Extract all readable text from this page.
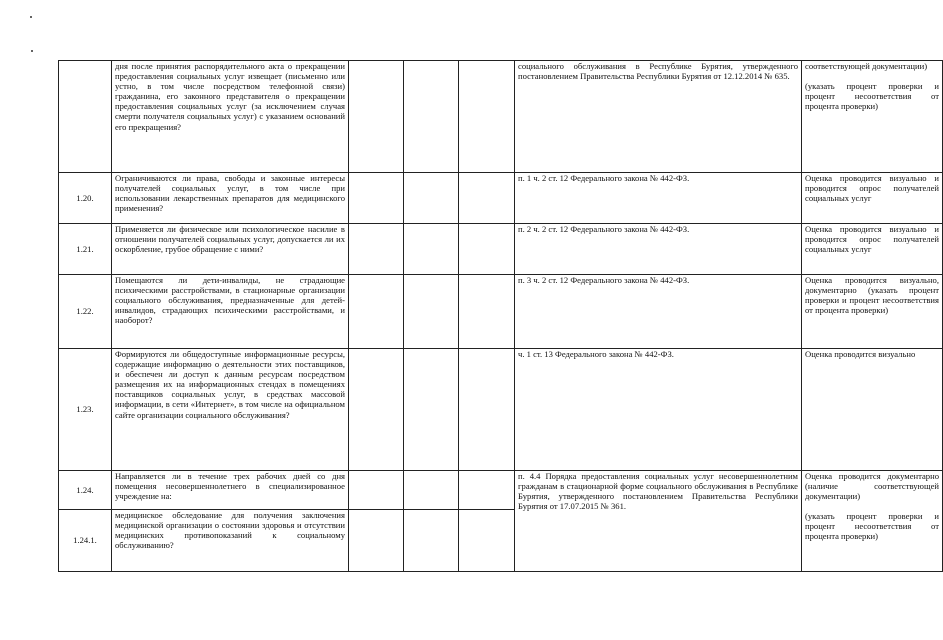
	дня после принятия распорядительного акта о прекращении предоставления социальных услуг извещает (письменно или устно, в том числе посредством телефонной связи) гражданина, его законного представителя о прекращении предоставления социальных услуг (за исключением случая смерти получателя социальных услуг) с указанием оснований его прекращения?				социального обслуживания в Республике Бурятия, утвержденного постановлением Правительства Республики Бурятия от 12.12.2014 № 635.	соответствующей документации)

(указать процент проверки и процент несоответствия от процента проверки)

1.20.	Ограничиваются ли права, свободы и законные интересы получателей социальных услуг, в том числе при использовании лекарственных препаратов для медицинского применения?				п. 1 ч. 2 ст. 12 Федерального закона № 442-ФЗ.	Оценка проводится визуально и проводится опрос получателей социальных услуг

1.21.	Применяется ли физическое или психологическое насилие в отношении получателей социальных услуг, допускается ли их оскорбление, грубое обращение с ними?				п. 2 ч. 2 ст. 12 Федерального закона № 442-ФЗ.	Оценка проводится визуально и проводится опрос получателей социальных услуг

1.22.	Помещаются ли дети-инвалиды, не страдающие психическими расстройствами, в стационарные организации социального обслуживания, предназначенные для детей-инвалидов, страдающих психическими расстройствами, и наоборот?				п. 3 ч. 2 ст. 12 Федерального закона № 442-ФЗ.	Оценка проводится визуально, документарно (указать процент проверки и процент несоответствия от процента проверки)

1.23.	Формируются ли общедоступные информационные ресурсы, содержащие информацию о деятельности этих поставщиков, и обеспечен ли доступ к данным ресурсам посредством размещения их на информационных стендах в помещениях поставщиков социальных услуг, в средствах массовой информации, в сети «Интернет», в том числе на официальном сайте организации социального обслуживания?				ч. 1 ст. 13 Федерального закона № 442-ФЗ.	Оценка проводится визуально

1.24.	Направляется ли в течение трех рабочих дней со дня помещения несовершеннолетнего в специализированное учреждение на:				п. 4.4 Порядка предоставления социальных услуг несовершеннолетним гражданам в стационарной форме социального обслуживания в Республике Бурятия, утвержденного постановлением Правительства Республики Бурятия от 17.07.2015 № 361.	Оценка проводится документарно (наличие соответствующей документации)

(указать процент проверки и процент несоответствия от процента проверки)

1.24.1.	медицинское обследование для получения заключения медицинской организации о состоянии здоровья и отсутствии медицинских противопоказаний к социальному обслуживанию?					
